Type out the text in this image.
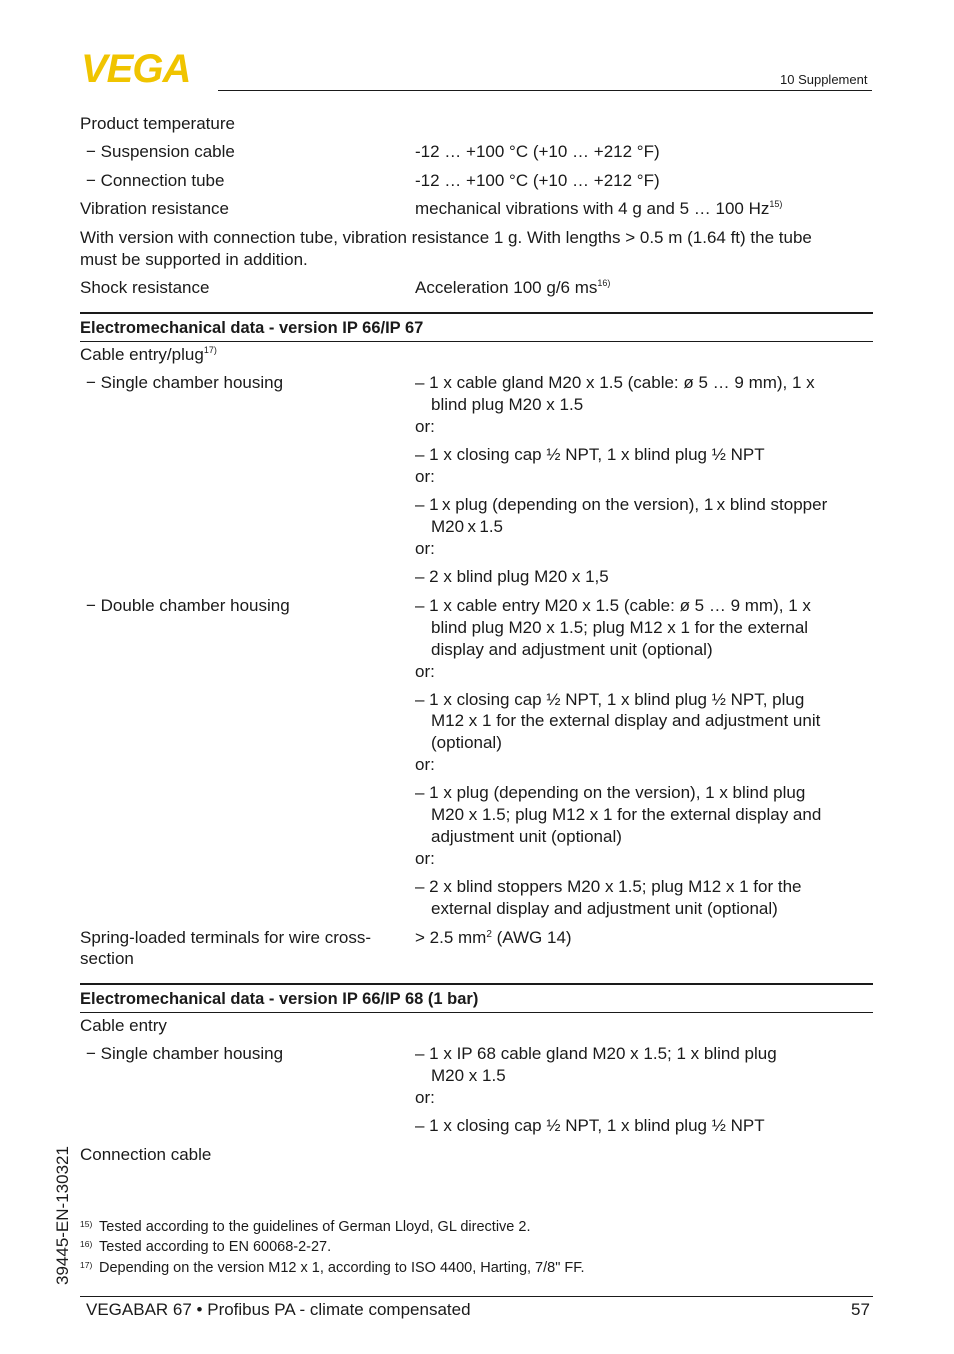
VEGA	10 Supplement
Product temperature
− Suspension cable	-12 … +100 °C (+10 … +212 °F)
− Connection tube	-12 … +100 °C (+10 … +212 °F)
Vibration resistance	mechanical vibrations with 4 g and 5 … 100 Hz$^{15)}$
With version with connection tube, vibration resistance 1 g. With lengths > 0.5 m (1.64 ft) the tube
must be supported in addition.
Shock resistance	Acceleration 100 g/6 $ms^{16)}$
Electromechanical data - version IP 66/IP 67
Cable entry/plug$^{17)}$
− Single chamber housing	– 1 x cable gland M20 x 1.5 (cable: ø 5 … 9 mm), 1 x
blind plug M20 x 1.5
or:
– 1 x closing cap ½ NPT, 1 x blind plug ½ NPT
or:
– 1 x plug (depending on the version), 1 x blind stopper
M20 x 1.5
or:
– 2 x blind plug M20 x 1,5
− Double chamber housing	– 1 x cable entry M20 x 1.5 (cable: ø 5 … 9 mm), 1 x
blind plug M20 x 1.5; plug M12 x 1 for the external
display and adjustment unit (optional)
or:
– 1 x closing cap ½ NPT, 1 x blind plug ½ NPT, plug
M12 x 1 for the external display and adjustment unit
(optional)
or:
– 1 x plug (depending on the version), 1 x blind plug
M20 x 1.5; plug M12 x 1 for the external display and
adjustment unit (optional)
or:
– 2 x blind stoppers M20 x 1.5; plug M12 x 1 for the
external display and adjustment unit (optional)
Spring-loaded terminals for wire cross-
section
> 2.5 $mm^2$ (AWG 14)
Electromechanical data - version IP 66/IP 68 (1 bar)
Cable entry
− Single chamber housing	– 1 x IP 68 cable gland M20 x 1.5; 1 x blind plug
M20 x 1.5
or:
– 1 x closing cap ½ NPT, 1 x blind plug ½ NPT
Connection cable
15) Tested according to the guidelines of German Lloyd, GL directive 2.
16) Tested according to EN 60068-2-27.
17) Depending on the version M12 x 1, according to ISO 4400, Harting, 7/8" FF.
39445-EN-130321
VEGABAR 67 • Profibus PA - climate compensated	57
